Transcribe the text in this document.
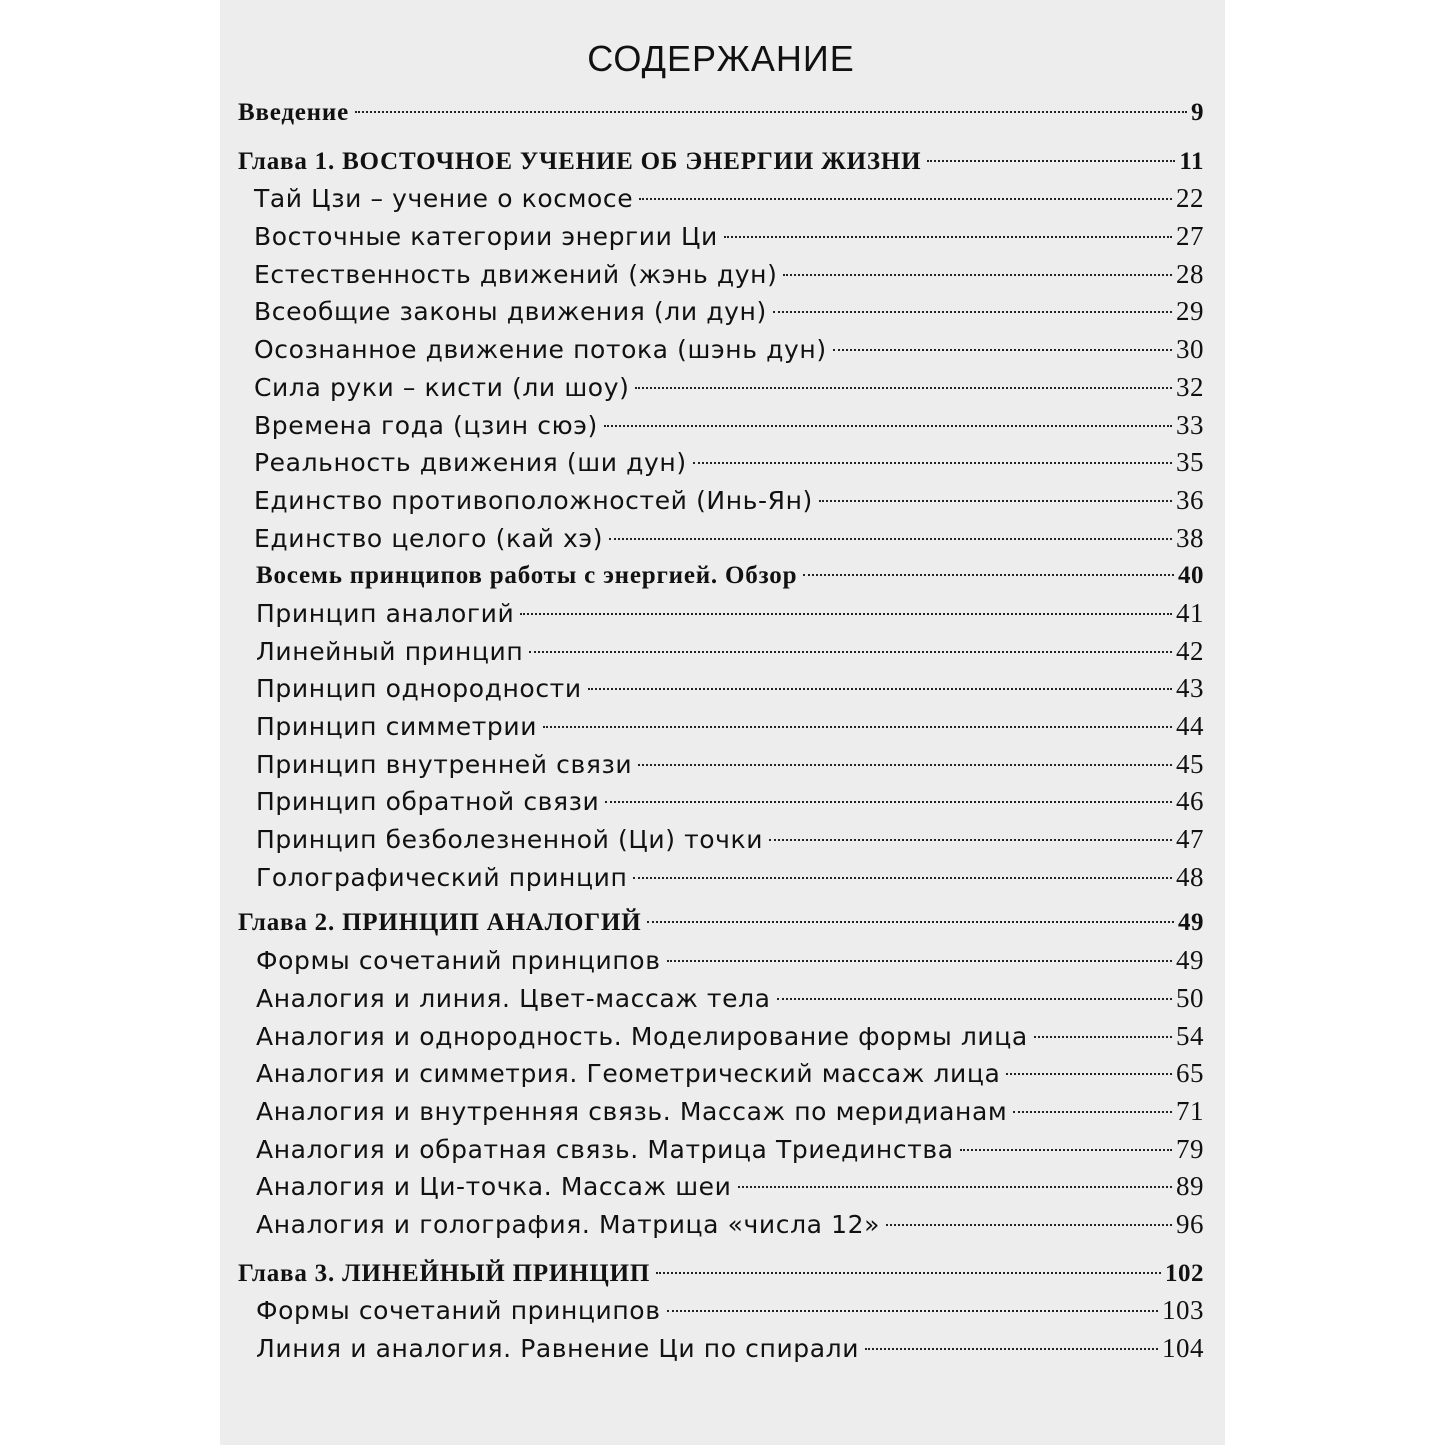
СОДЕРЖАНИЕ
Введение	9
Глава 1. ВОСТОЧНОЕ УЧЕНИЕ ОБ ЭНЕРГИИ ЖИЗНИ	11
Тай Цзи – учение о космосе	22
Восточные категории энергии Ци	27
Естественность движений (жэнь дун)	28
Всеобщие законы движения (ли дун)	29
Осознанное движение потока (шэнь дун)	30
Сила руки – кисти (ли шоу)	32
Времена года (цзин сюэ)	33
Реальность движения (ши дун)	35
Единство противоположностей (Инь-Ян)	36
Единство целого (кай хэ)	38
Восемь принципов работы с энергией. Обзор	40
Принцип аналогий	41
Линейный принцип	42
Принцип однородности	43
Принцип симметрии	44
Принцип внутренней связи	45
Принцип обратной связи	46
Принцип безболезненной (Ци) точки	47
Голографический принцип	48
Глава 2. ПРИНЦИП АНАЛОГИЙ	49
Формы сочетаний принципов	49
Аналогия и линия. Цвет-массаж тела	50
Аналогия и однородность. Моделирование формы лица	54
Аналогия и симметрия. Геометрический массаж лица	65
Аналогия и внутренняя связь. Массаж по меридианам	71
Аналогия и обратная связь. Матрица Триединства	79
Аналогия и Ци-точка. Массаж шеи	89
Аналогия и голография. Матрица «числа 12»	96
Глава 3. ЛИНЕЙНЫЙ ПРИНЦИП	102
Формы сочетаний принципов	103
Линия и аналогия. Равнение Ци по спирали	104
